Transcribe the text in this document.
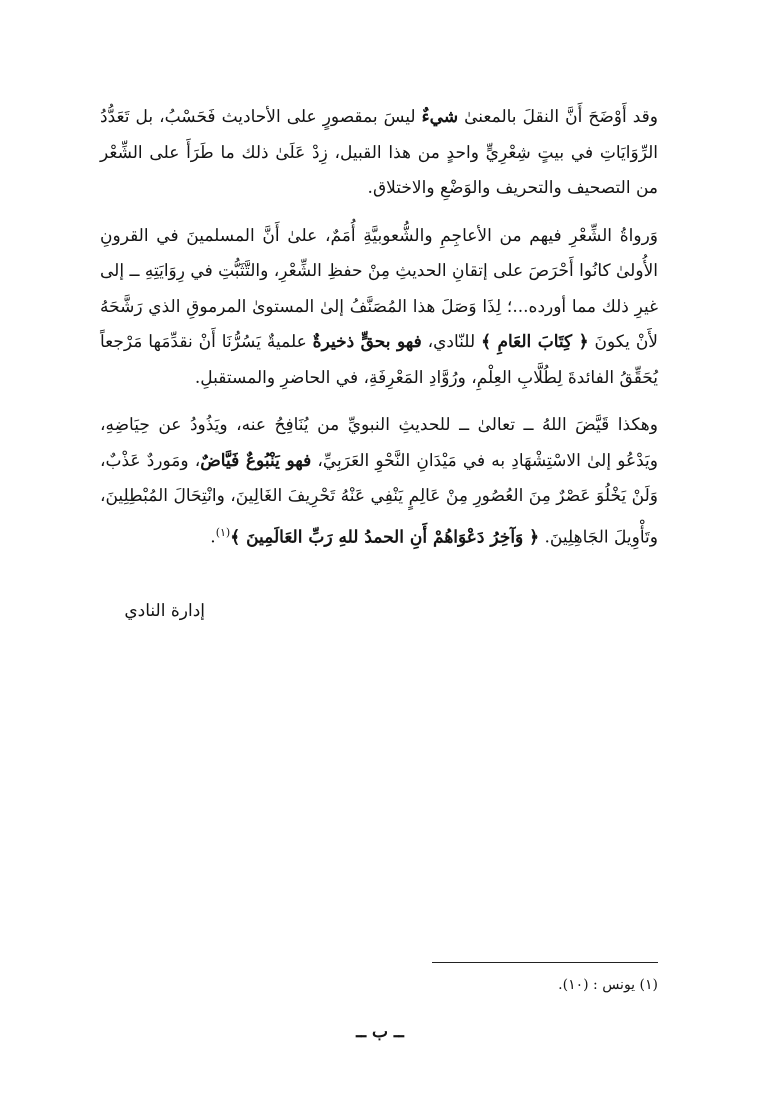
وقد أَوْضَحَ أَنَّ النقلَ بالمعنىٰ شيءٌ ليسَ بمقصورٍ على الأحاديث فَحَسْبُ، بل تَعَدُّدُ الرِّوَايَاتِ في بيتٍ شِعْرِيٍّ واحدٍ من هذا القبيل، زِدْ عَلَىٰ ذلك ما طَرَأَ على الشِّعْر من التصحيف والتحريف والوَضْعِ والاختلاق.

وَرواةُ الشِّعْرِ فيهم من الأعاجِمِ والشُّعوبيَّةِ أُمَمٌ، علىٰ أَنَّ المسلمينَ في القرونِ الأُولىٰ كانُوا أَحْرَصَ على إتقانِ الحديثِ مِنْ حفظِ الشِّعْرِ، والتَّثَبُّتِ في رِوَايَتِهِ ــ إلى غيرِ ذلك مما أورده...؛ لِذَا وَصَلَ هذا المُصَنَّفُ إلىٰ المستوىٰ المرموقِ الذي رَشَّحَهُ لأَنْ يكونَ ﴿ كِتَابَ العَامِ ﴾ للنّادي، فهو بحقٍّ ذخيرةٌ علميةٌ يَسُرُّنَا أَنْ نقدِّمَها مَرْجعاً يُحَقِّقُ الفائدةَ لِطُلَّابِ العِلْمِ، ورُوَّادِ المَعْرِفَةِ، في الحاضرِ والمستقبلِ.

وهكذا قَيَّضَ اللهُ ــ تعالىٰ ــ للحديثِ النبويِّ من يُنَافِحُ عنه، ويَذُودُ عن حِيَاضِهِ، ويَدْعُو إلىٰ الاسْتِشْهَادِ به في مَيْدَانِ النَّحْوِ العَرَبِيِّ، فهو يَنْبُوعٌ فَيَّاضٌ، ومَوردٌ عَذْبٌ، وَلَنْ يَخْلُوَ عَصْرٌ مِنَ العُصُورِ مِنْ عَالِمٍ يَنْفِي عَنْهُ تَحْرِيفَ الغَالِينَ، وانْتِحَالَ المُبْطِلِينَ، وتَأْوِيلَ الجَاهِلِينَ. ﴿ وَآخِرُ دَعْوَاهُمْ أَنِ الحمدُ للهِ رَبِّ العَالَمِينَ ﴾$^{(١)}$.

إدارة النادي
(١) يونس : (١٠).
ــ ب ــ
